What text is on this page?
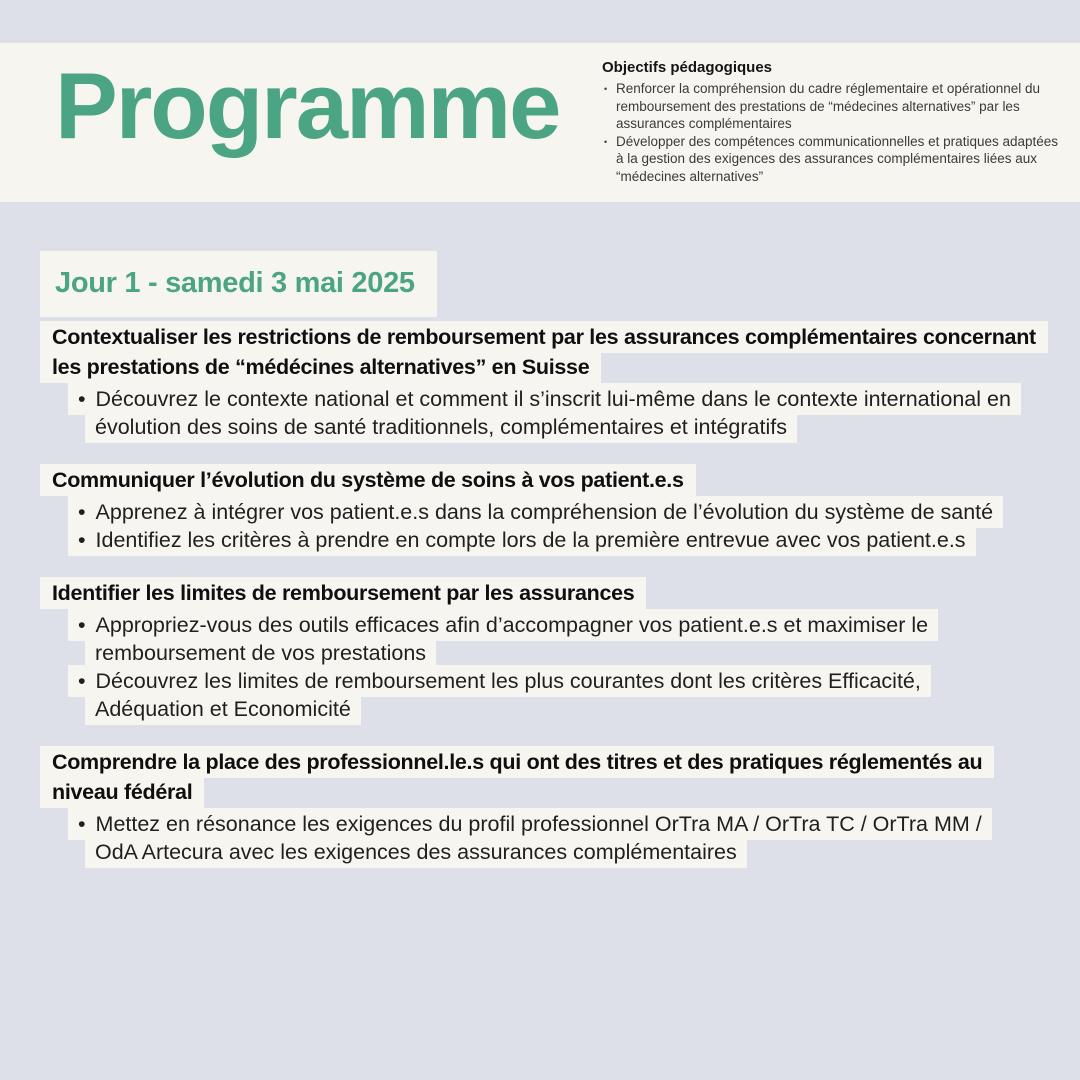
Programme	Objectifs pédagogiques

• Renforcer la compréhension du cadre réglementaire et opérationnel du remboursement des prestations de “médecines alternatives” par les assurances complémentaires
• Développer des compétences communicationnelles et pratiques adaptées à la gestion des exigences des assurances complémentaires liées aux “médecines alternatives”
Jour 1 - samedi 3 mai 2025
Contextualiser les restrictions de remboursement par les assurances complémentaires concernant les prestations de “médécines alternatives” en Suisse
• Découvrez le contexte national et comment il s’inscrit lui-même dans le contexte international en évolution des soins de santé traditionnels, complémentaires et intégratifs
Communiquer l’évolution du système de soins à vos patient.e.s
• Apprenez à intégrer vos patient.e.s dans la compréhension de l’évolution du système de santé
• Identifiez les critères à prendre en compte lors de la première entrevue avec vos patient.e.s
Identifier les limites de remboursement par les assurances
• Appropriez-vous des outils efficaces afin d’accompagner vos patient.e.s et maximiser le remboursement de vos prestations
• Découvrez les limites de remboursement les plus courantes dont les critères Efficacité, Adéquation et Economicité
Comprendre la place des professionnel.le.s qui ont des titres et des pratiques réglementés au niveau fédéral
• Mettez en résonance les exigences du profil professionnel OrTra MA / OrTra TC / OrTra MM / OdA Artecura avec les exigences des assurances complémentaires
